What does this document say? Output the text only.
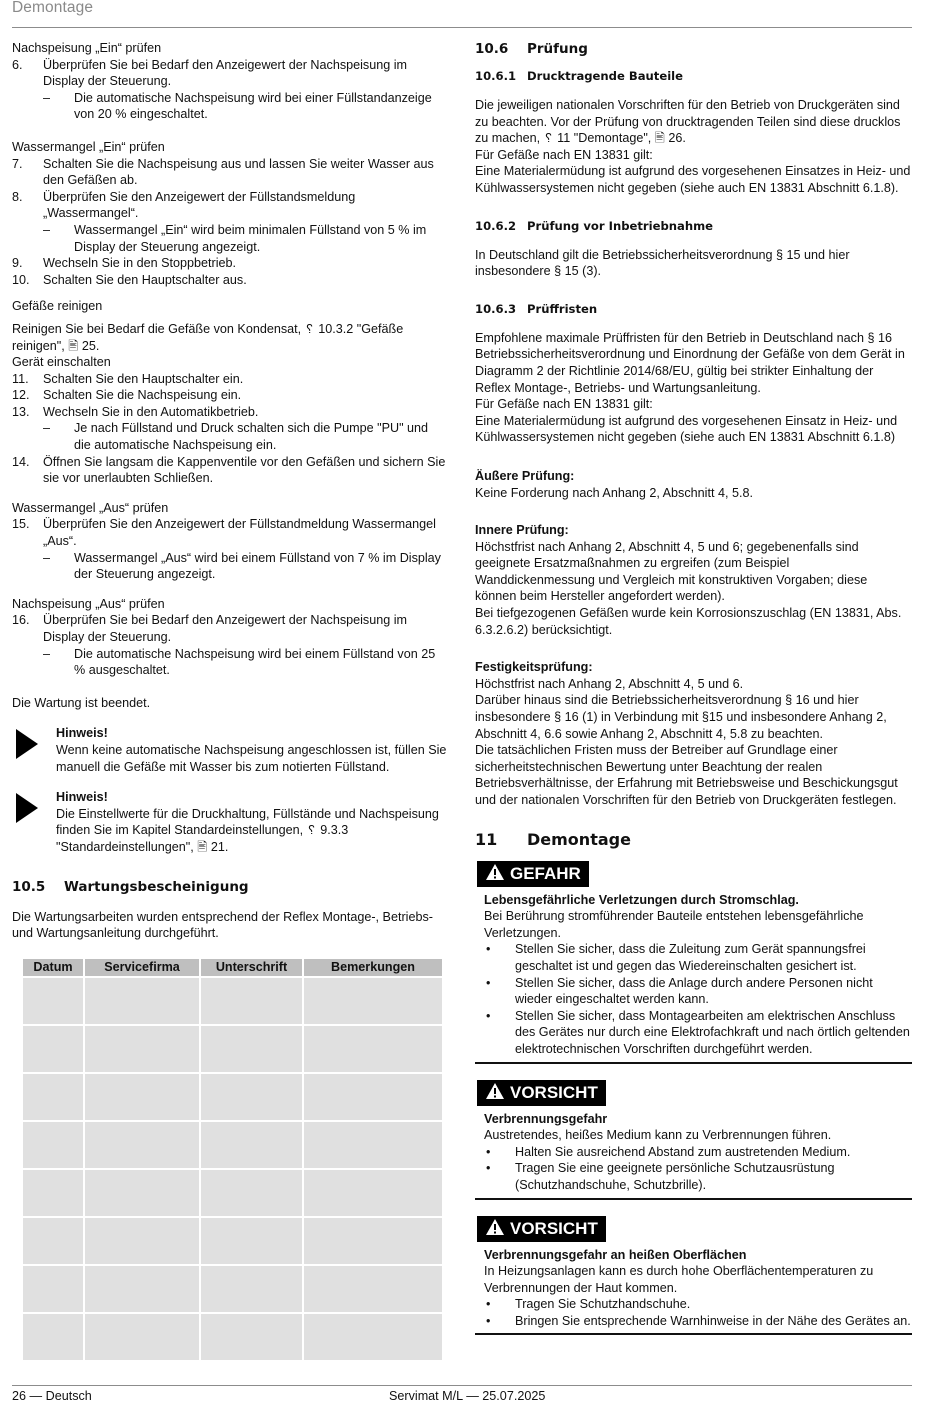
Demontage

Nachspeisung „Ein“ prüfen

6. Überprüfen Sie bei Bedarf den Anzeigewert der Nachspeisung im Display der Steuerung.
– Die automatische Nachspeisung wird bei einer Füllstandanzeige von 20 % eingeschaltet.

Wassermangel „Ein“ prüfen

7. Schalten Sie die Nachspeisung aus und lassen Sie weiter Wasser aus den Gefäßen ab.
8. Überprüfen Sie den Anzeigewert der Füllstandsmeldung „Wassermangel“.
– Wassermangel „Ein“ wird beim minimalen Füllstand von 5 % im Display der Steuerung angezeigt.
9. Wechseln Sie in den Stoppbetrieb.
10. Schalten Sie den Hauptschalter aus.

Gefäße reinigen

Reinigen Sie bei Bedarf die Gefäße von Kondensat, ␦ 10.3.2 "Gefäße reinigen", 🖹 25.

Gerät einschalten

11. Schalten Sie den Hauptschalter ein.
12. Schalten Sie die Nachspeisung ein.
13. Wechseln Sie in den Automatikbetrieb.
– Je nach Füllstand und Druck schalten sich die Pumpe "PU" und die automatische Nachspeisung ein.
14. Öffnen Sie langsam die Kappenventile vor den Gefäßen und sichern Sie sie vor unerlaubten Schließen.

Wassermangel „Aus“ prüfen

15. Überprüfen Sie den Anzeigewert der Füllstandmeldung Wassermangel „Aus“.
– Wassermangel „Aus“ wird bei einem Füllstand von 7 % im Display der Steuerung angezeigt.

Nachspeisung „Aus“ prüfen

16. Überprüfen Sie bei Bedarf den Anzeigewert der Nachspeisung im Display der Steuerung.
– Die automatische Nachspeisung wird bei einem Füllstand von 25 % ausgeschaltet.

Die Wartung ist beendet.

Hinweis!

Wenn keine automatische Nachspeisung angeschlossen ist, füllen Sie manuell die Gefäße mit Wasser bis zum notierten Füllstand.

Hinweis!

Die Einstellwerte für die Druckhaltung, Füllstände und Nachspeisung finden Sie im Kapitel Standardeinstellungen, ␦ 9.3.3 "Standardeinstellungen", 🖹 21.

10.5 Wartungsbescheinigung

Die Wartungsarbeiten wurden entsprechend der Reflex Montage-, Betriebs- und Wartungsanleitung durchgeführt.

Datum	Servicefirma	Unterschrift	Bemerkungen

10.6 Prüfung
10.6.1 Drucktragende Bauteile

Die jeweiligen nationalen Vorschriften für den Betrieb von Druckgeräten sind zu beachten. Vor der Prüfung von drucktragenden Teilen sind diese drucklos zu machen, ␦ 11 "Demontage", 🖹 26.

Für Gefäße nach EN 13831 gilt:

Eine Materialermüdung ist aufgrund des vorgesehenen Einsatzes in Heiz- und Kühlwassersystemen nicht gegeben (siehe auch EN 13831 Abschnitt 6.1.8).

10.6.2 Prüfung vor Inbetriebnahme

In Deutschland gilt die Betriebssicherheitsverordnung § 15 und hier insbesondere § 15 (3).

10.6.3 Prüffristen

Empfohlene maximale Prüffristen für den Betrieb in Deutschland nach § 16 Betriebssicherheitsverordnung und Einordnung der Gefäße von dem Gerät in Diagramm 2 der Richtlinie 2014/68/EU, gültig bei strikter Einhaltung der Reflex Montage-, Betriebs- und Wartungsanleitung.

Für Gefäße nach EN 13831 gilt:

Eine Materialermüdung ist aufgrund des vorgesehenen Einsatz in Heiz- und Kühlwassersystemen nicht gegeben (siehe auch EN 13831 Abschnitt 6.1.8)

Äußere Prüfung:

Keine Forderung nach Anhang 2, Abschnitt 4, 5.8.

Innere Prüfung:

Höchstfrist nach Anhang 2, Abschnitt 4, 5 und 6; gegebenenfalls sind geeignete Ersatzmaßnahmen zu ergreifen (zum Beispiel Wanddickenmessung und Vergleich mit konstruktiven Vorgaben; diese können beim Hersteller angefordert werden).

Bei tiefgezogenen Gefäßen wurde kein Korrosionszuschlag (EN 13831, Abs. 6.3.2.6.2) berücksichtigt.

Festigkeitsprüfung:

Höchstfrist nach Anhang 2, Abschnitt 4, 5 und 6.

Darüber hinaus sind die Betriebssicherheitsverordnung § 16 und hier insbesondere § 16 (1) in Verbindung mit §15 und insbesondere Anhang 2, Abschnitt 4, 6.6 sowie Anhang 2, Abschnitt 4, 5.8 zu beachten.

Die tatsächlichen Fristen muss der Betreiber auf Grundlage einer sicherheitstechnischen Bewertung unter Beachtung der realen Betriebsverhältnisse, der Erfahrung mit Betriebsweise und Beschickungsgut und der nationalen Vorschriften für den Betrieb von Druckgeräten festlegen.

11 Demontage
GEFAHR

Lebensgefährliche Verletzungen durch Stromschlag.

Bei Berührung stromführender Bauteile entstehen lebensgefährliche Verletzungen.

• Stellen Sie sicher, dass die Zuleitung zum Gerät spannungsfrei geschaltet ist und gegen das Wiedereinschalten gesichert ist.
• Stellen Sie sicher, dass die Anlage durch andere Personen nicht wieder eingeschaltet werden kann.
• Stellen Sie sicher, dass Montagearbeiten am elektrischen Anschluss des Gerätes nur durch eine Elektrofachkraft und nach örtlich geltenden elektrotechnischen Vorschriften durchgeführt werden.
VORSICHT

Verbrennungsgefahr

Austretendes, heißes Medium kann zu Verbrennungen führen.

• Halten Sie ausreichend Abstand zum austretenden Medium.
• Tragen Sie eine geeignete persönliche Schutzausrüstung (Schutzhandschuhe, Schutzbrille).
VORSICHT

Verbrennungsgefahr an heißen Oberflächen

In Heizungsanlagen kann es durch hohe Oberflächentemperaturen zu Verbrennungen der Haut kommen.

• Tragen Sie Schutzhandschuhe.
• Bringen Sie entsprechende Warnhinweise in der Nähe des Gerätes an.
26 — Deutsch	Servimat M/L — 25.07.2025
